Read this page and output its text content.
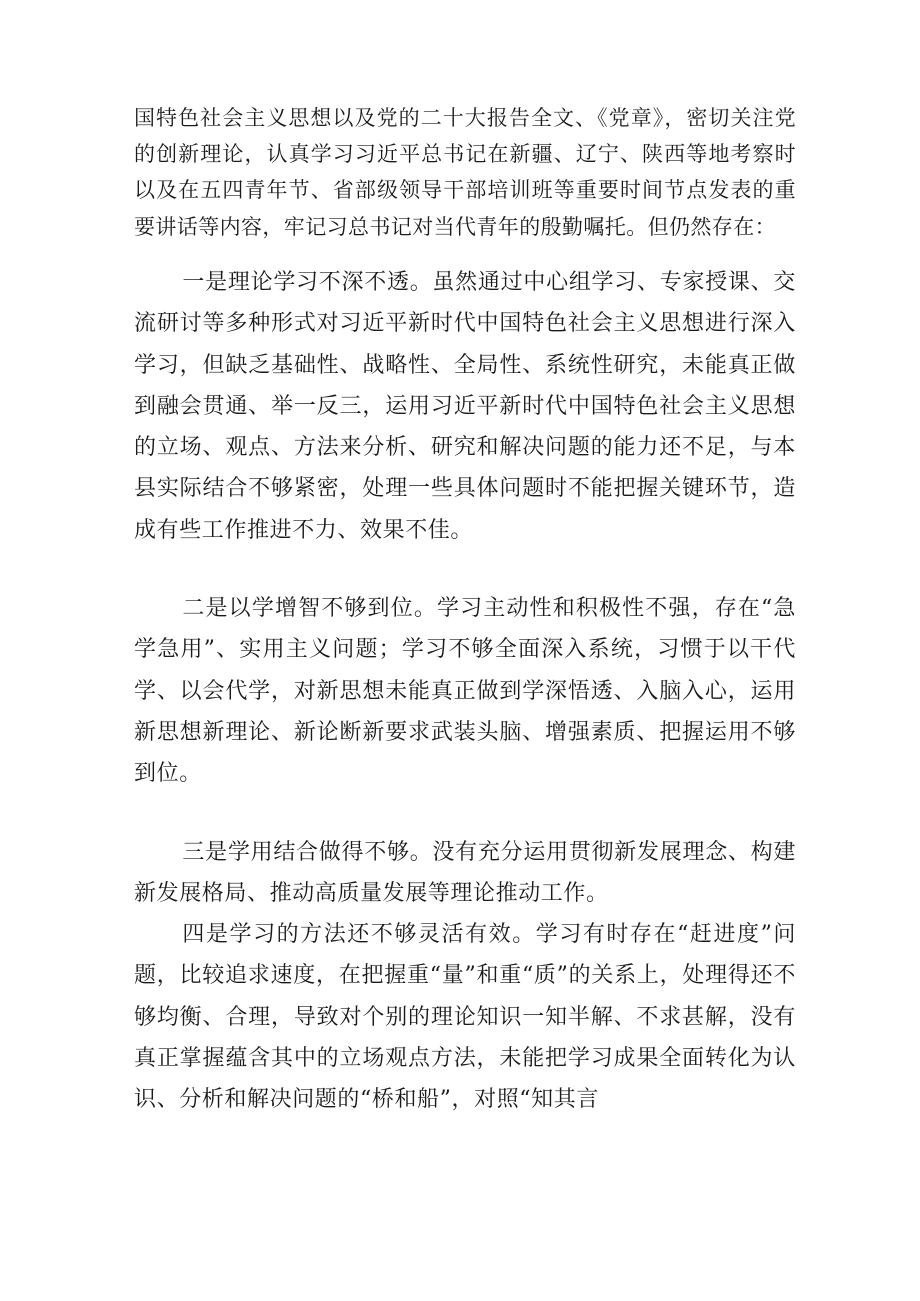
国特色社会主义思想以及党的二十大报告全文、《党章》，密切关注党的创新理论，认真学习习近平总书记在新疆、辽宁、陕西等地考察时以及在五四青年节、省部级领导干部培训班等重要时间节点发表的重要讲话等内容，牢记习总书记对当代青年的殷勤嘱托。但仍然存在：

一是理论学习不深不透。虽然通过中心组学习、专家授课、交流研讨等多种形式对习近平新时代中国特色社会主义思想进行深入学习，但缺乏基础性、战略性、全局性、系统性研究，未能真正做到融会贯通、举一反三，运用习近平新时代中国特色社会主义思想的立场、观点、方法来分析、研究和解决问题的能力还不足，与本县实际结合不够紧密，处理一些具体问题时不能把握关键环节，造成有些工作推进不力、效果不佳。

二是以学增智不够到位。学习主动性和积极性不强，存在“急学急用”、实用主义问题；学习不够全面深入系统，习惯于以干代学、以会代学，对新思想未能真正做到学深悟透、入脑入心，运用新思想新理论、新论断新要求武装头脑、增强素质、把握运用不够到位。

三是学用结合做得不够。没有充分运用贯彻新发展理念、构建新发展格局、推动高质量发展等理论推动工作。

四是学习的方法还不够灵活有效。学习有时存在“赶进度”问题，比较追求速度，在把握重“量”和重“质”的关系上，处理得还不够均衡、合理，导致对个别的理论知识一知半解、不求甚解，没有真正掌握蕴含其中的立场观点方法，未能把学习成果全面转化为认识、分析和解决问题的“桥和船”，对照“知其言
